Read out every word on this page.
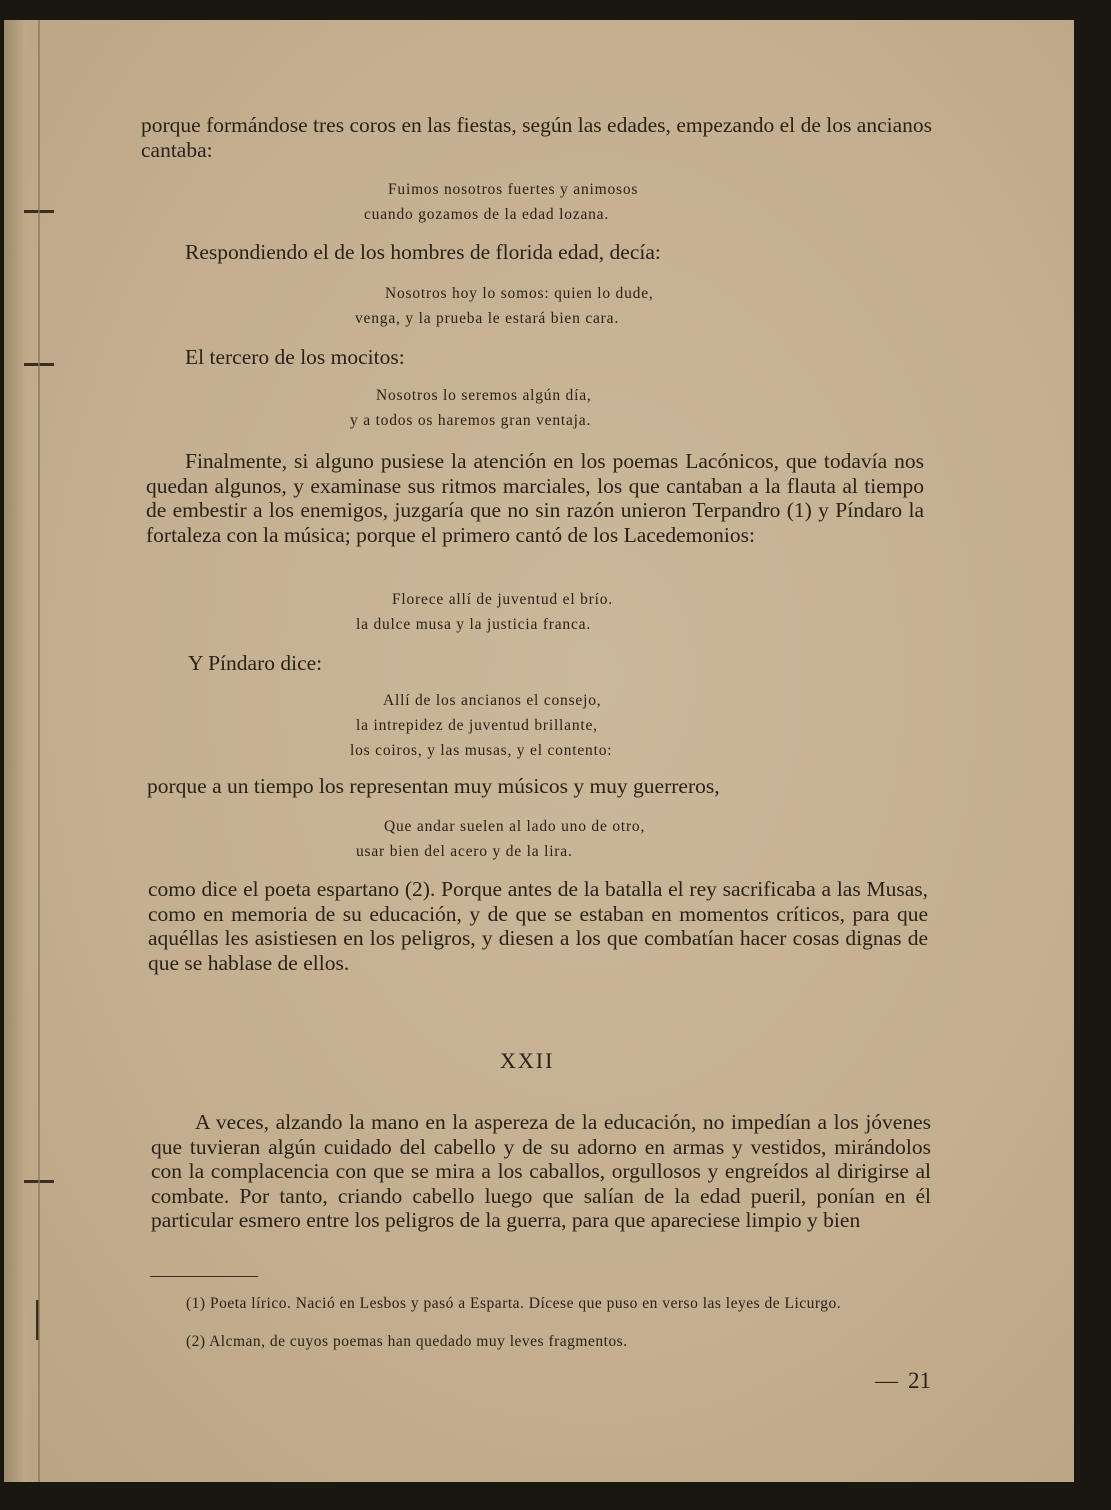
porque formándose tres coros en las fiestas, según las edades, empezando el de los ancianos cantaba:

Fuimos nosotros fuertes y animosos
cuando gozamos de la edad lozana.

Respondiendo el de los hombres de florida edad, decía:

Nosotros hoy lo somos: quien lo dude,
venga, y la prueba le estará bien cara.

El tercero de los mocitos:

Nosotros lo seremos algún día,
y a todos os haremos gran ventaja.

Finalmente, si alguno pusiese la atención en los poemas Lacónicos, que todavía nos quedan algunos, y examinase sus ritmos marciales, los que cantaban a la flauta al tiempo de embestir a los enemigos, juzgaría que no sin razón unieron Terpandro (1) y Píndaro la fortaleza con la música; porque el primero cantó de los Lacedemonios:

Florece allí de juventud el brío.
la dulce musa y la justicia franca.

Y Píndaro dice:

Allí de los ancianos el consejo,
la intrepidez de juventud brillante,
los coiros, y las musas, y el contento:

porque a un tiempo los representan muy músicos y muy guerreros,

Que andar suelen al lado uno de otro,
usar bien del acero y de la lira.

como dice el poeta espartano (2). Porque antes de la batalla el rey sacrificaba a las Musas, como en memoria de su educación, y de que se estaban en momentos críticos, para que aquéllas les asistiesen en los peligros, y diesen a los que combatían hacer cosas dignas de que se hablase de ellos.

XXII

A veces, alzando la mano en la aspereza de la educación, no impedían a los jóvenes que tuvieran algún cuidado del cabello y de su adorno en armas y vestidos, mirándolos con la complacencia con que se mira a los caballos, orgullosos y engreídos al dirigirse al combate. Por tanto, criando cabello luego que salían de la edad pueril, ponían en él particular esmero entre los peligros de la guerra, para que apareciese limpio y bien

(1) Poeta lírico. Nació en Lesbos y pasó a Esparta. Dícese que puso en verso las leyes de Licurgo.

(2) Alcman, de cuyos poemas han quedado muy leves fragmentos.

— 21
